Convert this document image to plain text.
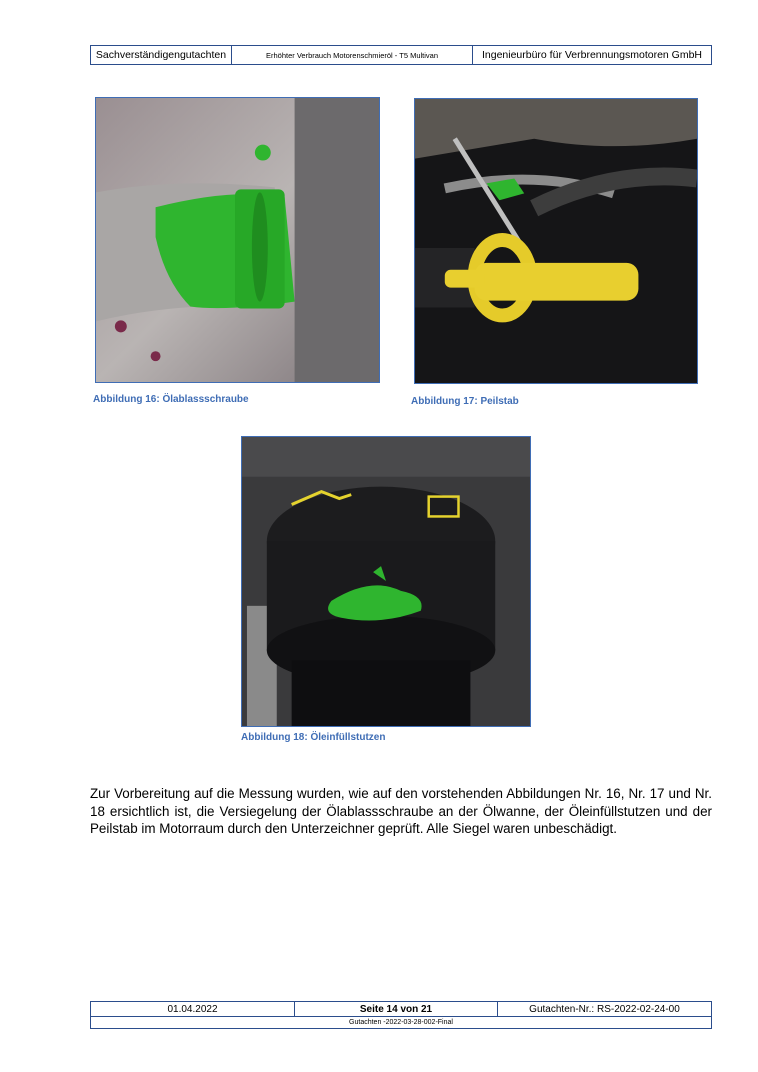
Sachverständigengutachten	Erhöhter Verbrauch Motorenschmieröl - T5 Multivan	Ingenieurbüro für Verbrennungsmotoren GmbH
Abbildung 16: Ölablassschraube	Abbildung 17: Peilstab
Abbildung 18: Öleinfüllstutzen
Zur Vorbereitung auf die Messung wurden, wie auf den vorstehenden Abbildungen Nr. 16, Nr. 17 und Nr. 18 ersichtlich ist, die Versiegelung der Ölablassschraube an der Ölwanne, der Öleinfüllstutzen und der Peilstab im Motorraum durch den Unterzeichner geprüft. Alle Siegel waren unbeschädigt.
01.04.2022	Seite 14 von 21	Gutachten-Nr.: RS-2022-02-24-00
Gutachten -2022-03-28-002-Final
